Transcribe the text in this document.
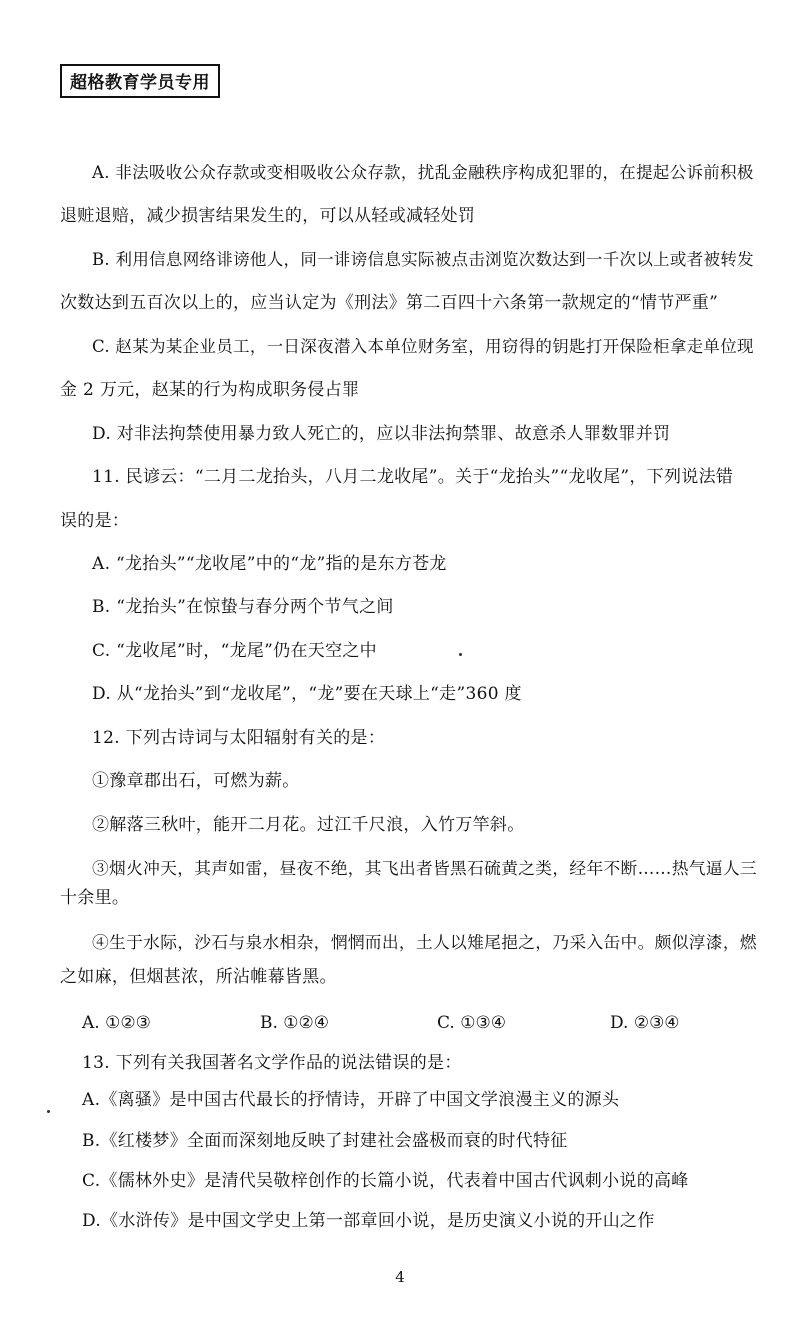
超格教育学员专用
A. 非法吸收公众存款或变相吸收公众存款，扰乱金融秩序构成犯罪的，在提起公诉前积极
退赃退赔，减少损害结果发生的，可以从轻或减轻处罚
B. 利用信息网络诽谤他人，同一诽谤信息实际被点击浏览次数达到一千次以上或者被转发
次数达到五百次以上的，应当认定为《刑法》第二百四十六条第一款规定的“情节严重”
C. 赵某为某企业员工，一日深夜潜入本单位财务室，用窃得的钥匙打开保险柜拿走单位现
金 2 万元，赵某的行为构成职务侵占罪
D. 对非法拘禁使用暴力致人死亡的，应以非法拘禁罪、故意杀人罪数罪并罚
11. 民谚云：“二月二龙抬头，八月二龙收尾”。关于“龙抬头”“龙收尾”，下列说法错
误的是：
A. “龙抬头”“龙收尾”中的“龙”指的是东方苍龙
B. “龙抬头”在惊蛰与春分两个节气之间
C. “龙收尾”时，“龙尾”仍在天空之中
D. 从“龙抬头”到“龙收尾”，“龙”要在天球上“走”360 度
12. 下列古诗词与太阳辐射有关的是：
①豫章郡出石，可燃为薪。
②解落三秋叶，能开二月花。过江千尺浪，入竹万竿斜。
③烟火冲天，其声如雷，昼夜不绝，其飞出者皆黑石硫黄之类，经年不断……热气逼人三
十余里。
④生于水际，沙石与泉水相杂，惘惘而出，土人以雉尾挹之，乃采入缶中。颇似淳漆，燃
之如麻，但烟甚浓，所沾帷幕皆黑。
A. ①②③	B. ①②④	C. ①③④	D. ②③④
13. 下列有关我国著名文学作品的说法错误的是：
A.《离骚》是中国古代最长的抒情诗，开辟了中国文学浪漫主义的源头
B.《红楼梦》全面而深刻地反映了封建社会盛极而衰的时代特征
C.《儒林外史》是清代吴敬梓创作的长篇小说，代表着中国古代讽刺小说的高峰
D.《水浒传》是中国文学史上第一部章回小说，是历史演义小说的开山之作
4
